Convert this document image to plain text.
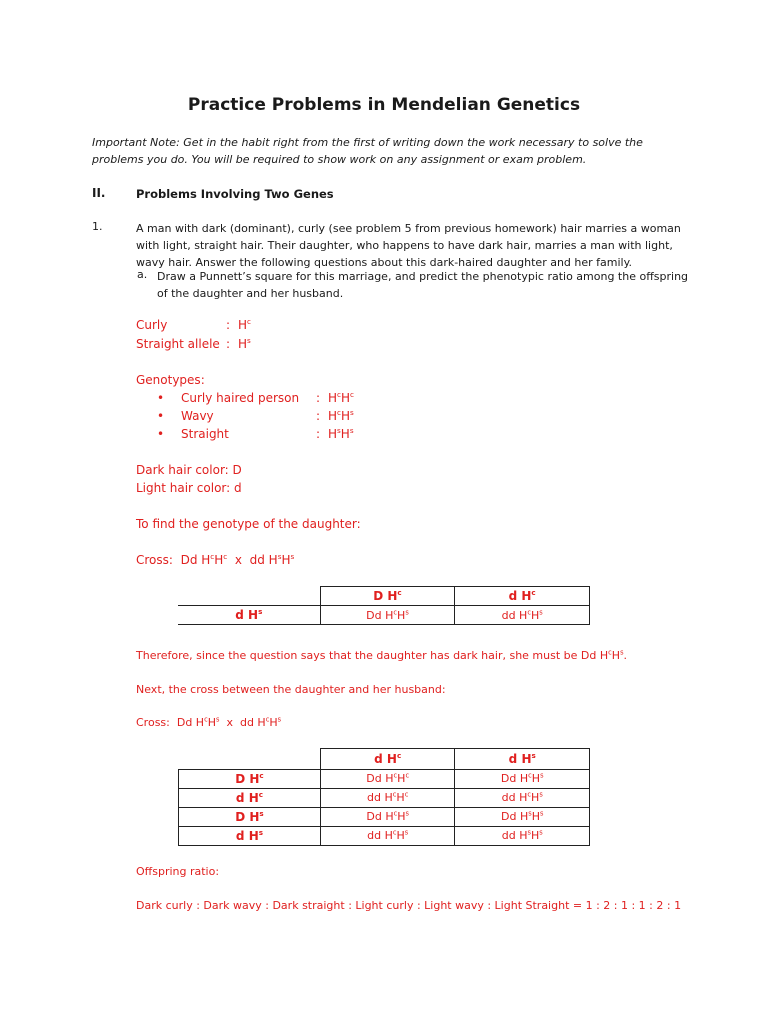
Practice Problems in Mendelian Genetics
Important Note: Get in the habit right from the first of writing down the work necessary to solve the problems you do. You will be required to show work on any assignment or exam problem.
II.	Problems Involving Two Genes
1.	A man with dark (dominant), curly (see problem 5 from previous homework) hair marries a woman with light, straight hair. Their daughter, who happens to have dark hair, marries a man with light, wavy hair. Answer the following questions about this dark-haired daughter and her family.
a. Draw a Punnett’s square for this marriage, and predict the phenotypic ratio among the offspring of the daughter and her husband.
Curly	: $H^c$
Straight allele : $H^s$
Genotypes:
• Curly haired person : $H^cH^c$
• Wavy	: $H^cH^s$
• Straight	: $H^sH^s$
Dark hair color: D
Light hair color: d
To find the genotype of the daughter:
Cross: Dd $H^cH^c$ x dd $H^sH^s$
	D $H^c$	d $H^c$
d $H^s$	Dd $H^cH^s$	dd $H^cH^s$
Therefore, since the question says that the daughter has dark hair, she must be Dd $H^cH^s$.
Next, the cross between the daughter and her husband:
Cross: Dd $H^cH^s$ x dd $H^cH^s$
	d $H^c$	d $H^s$
D $H^c$	Dd $H^cH^c$	Dd $H^cH^s$
d $H^c$	dd $H^cH^c$	dd $H^cH^s$
D $H^s$	Dd $H^cH^s$	Dd $H^sH^s$
d $H^s$	dd $H^cH^s$	dd $H^sH^s$
Offspring ratio:
Dark curly : Dark wavy : Dark straight : Light curly : Light wavy : Light Straight = 1 : 2 : 1 : 1 : 2 : 1
